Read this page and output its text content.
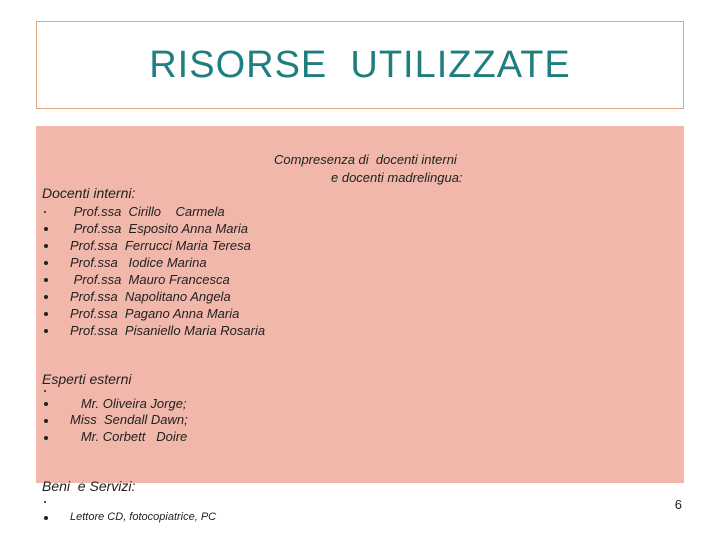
RISORSE  UTILIZZATE
Compresenza di  docenti interni
e docenti madrelingua:
Docenti interni:
Prof.ssa  Cirillo    Carmela
Prof.ssa  Esposito Anna Maria
Prof.ssa  Ferrucci Maria Teresa
Prof.ssa   Iodice Marina
Prof.ssa  Mauro Francesca
Prof.ssa  Napolitano Angela
Prof.ssa  Pagano Anna Maria
Prof.ssa  Pisaniello Maria Rosaria
Esperti esterni
Mr. Oliveira Jorge;
Miss  Sendall Dawn;
Mr. Corbett   Doire
Beni  e Servizi:
Lettore CD, fotocopiatrice, PC
6
